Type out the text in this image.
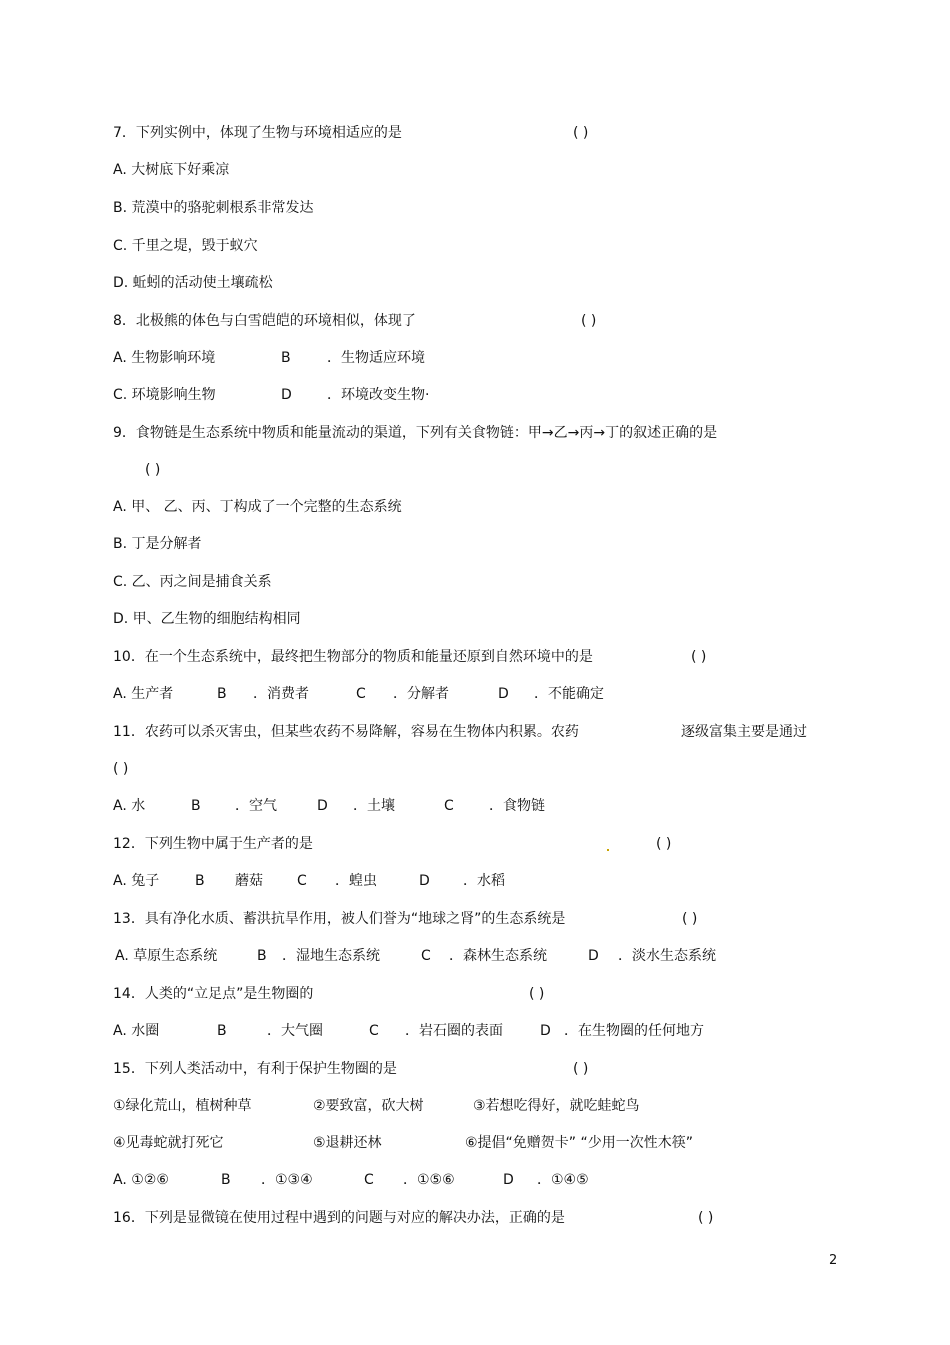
7．下列实例中，体现了生物与环境相适应的是	( )
A. 大树底下好乘凉
B. 荒漠中的骆驼刺根系非常发达
C. 千里之堤，毁于蚁穴
D. 蚯蚓的活动使土壤疏松
8．北极熊的体色与白雪皑皑的环境相似，体现了	( )
A. 生物影响环境	B	．生物适应环境
C. 环境影响生物	D	．环境改变生物·
9．食物链是生态系统中物质和能量流动的渠道，下列有关食物链：甲→乙→丙→丁的叙述正确的是
( )
A. 甲、 乙、丙、丁构成了一个完整的生态系统
B. 丁是分解者
C. 乙、丙之间是捕食关系
D. 甲、乙生物的细胞结构相同
10．在一个生态系统中，最终把生物部分的物质和能量还原到自然环境中的是	( )
A. 生产者	B ．消费者	C ．分解者	D ．不能确定
11．农药可以杀灭害虫，但某些农药不易降解，容易在生物体内积累。农药	逐级富集主要是通过
( )
A. 水	B ．空气	D ．土壤	C	．食物链
12．下列生物中属于生产者的是	( )
A. 兔子	B 蘑菇 C ．蝗虫	D ．水稻
13．具有净化水质、蓄洪抗旱作用，被人们誉为“地球之肾”的生态系统是	( )
A. 草原生态系统	B ．湿地生态系统	C ．森林生态系统	D ．淡水生态系统
14．人类的“立足点”是生物圈的	( )
A. 水圈	B	．大气圈	C ．岩石圈的表面	D ．在生物圈的任何地方
15．下列人类活动中，有利于保护生物圈的是	( )
①绿化荒山，植树种草	②要致富，砍大树	③若想吃得好，就吃蛙蛇鸟
④见毒蛇就打死它	⑤退耕还林	⑥提倡“免赠贺卡” “少用一次性木筷”
A. ①②⑥	B ．①③④	C ．①⑤⑥	D ．①④⑤
16．下列是显微镜在使用过程中遇到的问题与对应的解决办法，正确的是	( )
2
